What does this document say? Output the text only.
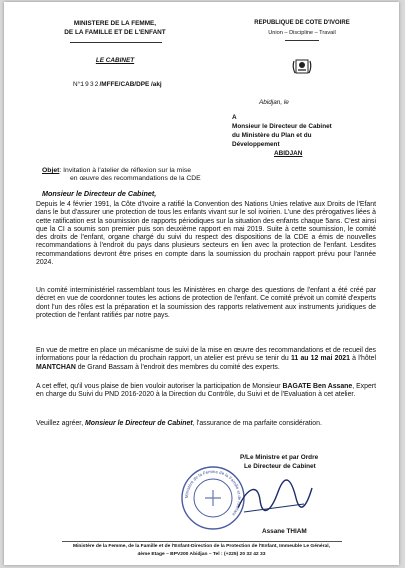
MINISTERE DE LA FEMME,
DE LA FAMILLE ET DE L'ENFANT
LE CABINET
N°1932/MFFE/CAB/DPE /akj
REPUBLIQUE DE COTE D'IVOIRE
Union – Discipline – Travail
Abidjan, le
A
Monsieur le Directeur de Cabinet
du Ministère du Plan et du
Développement
ABIDJAN
Objet: Invitation à l'atelier de réflexion sur la mise
en œuvre des recommandations de la CDE
Monsieur le Directeur de Cabinet,
Depuis le 4 février 1991, la Côte d'Ivoire a ratifié la Convention des Nations Unies relative aux Droits de l'Efant dans le but d'assurer une protection de tous les enfants vivant sur le sol ivoirien. L'une des prérogatives liées à cette ratification est la soumission de rapports périodiques sur la situation des enfants chaque 5ans. C'est ainsi que la CI a soumis son premier puis son deuxième rapport en mai 2019. Suite à cette soumission, le comité des droits de l'enfant, organe chargé du suivi du respect des dispositions de la CDE a émis de nouvelles recommandations à l'endroit du pays dans plusieurs secteurs en lien avec la protection de l'enfant. Lesdites recommandations devront être prises en compte dans la soumission du prochain rapport prévu pour l'année 2024.
Un comité interministériel rassemblant tous les Ministères en charge des questions de l'enfant a été créé par décret en vue de coordonner toutes les actions de protection de l'enfant. Ce comité prévoit un comité d'experts dont l'un des rôles est la préparation et la soumission des rapports relativement aux instruments juridiques de protection de l'enfant ratifiés par notre pays.
En vue de mettre en place un mécanisme de suivi de la mise en œuvre des recommandations et de recueil des informations pour la rédaction du prochain rapport, un atelier est prévu se tenir du 11 au 12 mai 2021 à l'hôtel MANTCHAN de Grand Bassam à l'endroit des membres du comité des experts.
A cet effet, qu'il vous plaise de bien vouloir autoriser la participation de Monsieur BAGATE Ben Assane, Expert en charge du Suivi du PND 2016-2020 à la Direction du Contrôle, du Suivi et de l'Evaluation à cet atelier.
Veuillez agréer, Monsieur le Directeur de Cabinet, l'assurance de ma parfaite considération.
P/Le Ministre et par Ordre
Le Directeur de Cabinet
Ministère de la Femme de la Famille et de l'Enfant
Assane THIAM
Ministère de la Femme, de la Famille et de l'Enfant-Direction de la Protection de l'Enfant, Immeuble Le Général,
4ème Etage – BPV200 Abidjan – Tel : (+225) 20 32 42 33
